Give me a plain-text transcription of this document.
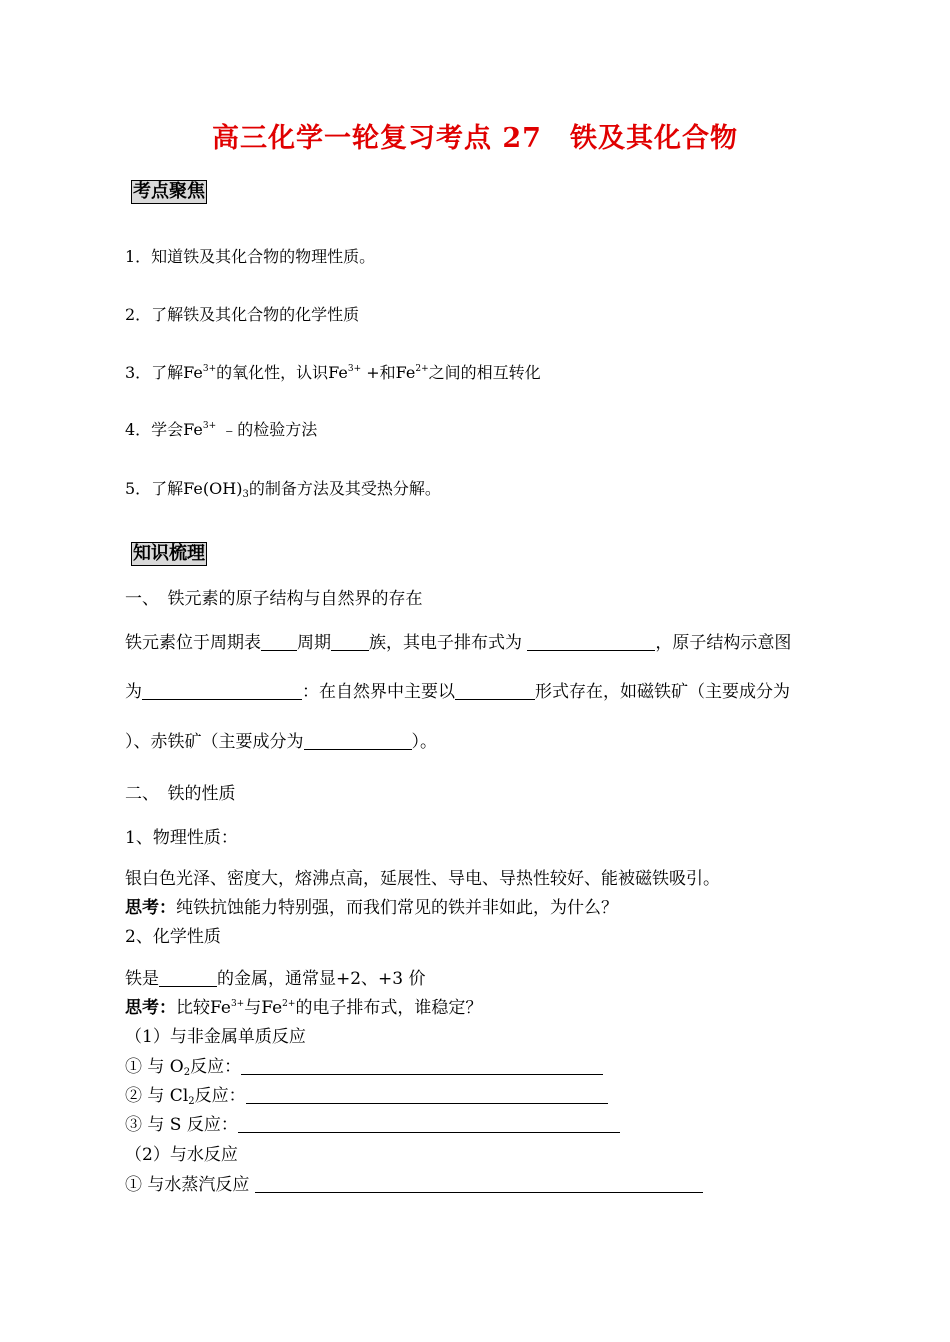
高三化学一轮复习考点 27　铁及其化合物
考点聚焦
1．知道铁及其化合物的物理性质。
2．了解铁及其化合物的化学性质
3．了解$Fe^{3+}$的氧化性，认识$Fe^{3+}$ +和$Fe^{2+}$之间的相互转化
4．学会$Fe^{3+}$ ﹣的检验方法
5．了解$Fe(OH)_3$的制备方法及其受热分解。
知识梳理
一、　铁元素的原子结构与自然界的存在
铁元素位于周期表 周期 族，其电子排布式为	，原子结构示意图
为	：在自然界中主要以	形式存在，如磁铁矿（主要成分为
）、赤铁矿（主要成分为	）。
二、　铁的性质
1、物理性质：
银白色光泽、密度大，熔沸点高，延展性、导电、导热性较好、能被磁铁吸引。
思考：纯铁抗蚀能力特别强，而我们常见的铁并非如此，为什么？
2、化学性质
铁是	的金属，通常显+2、+3 价
思考：比较$Fe^{3+}$与$Fe^{2+}$的电子排布式，谁稳定？
（1）与非金属单质反应
① 与 $O_2$反应：
② 与 $Cl_2$反应：
③ 与 S 反应：
（2）与水反应
① 与水蒸汽反应
